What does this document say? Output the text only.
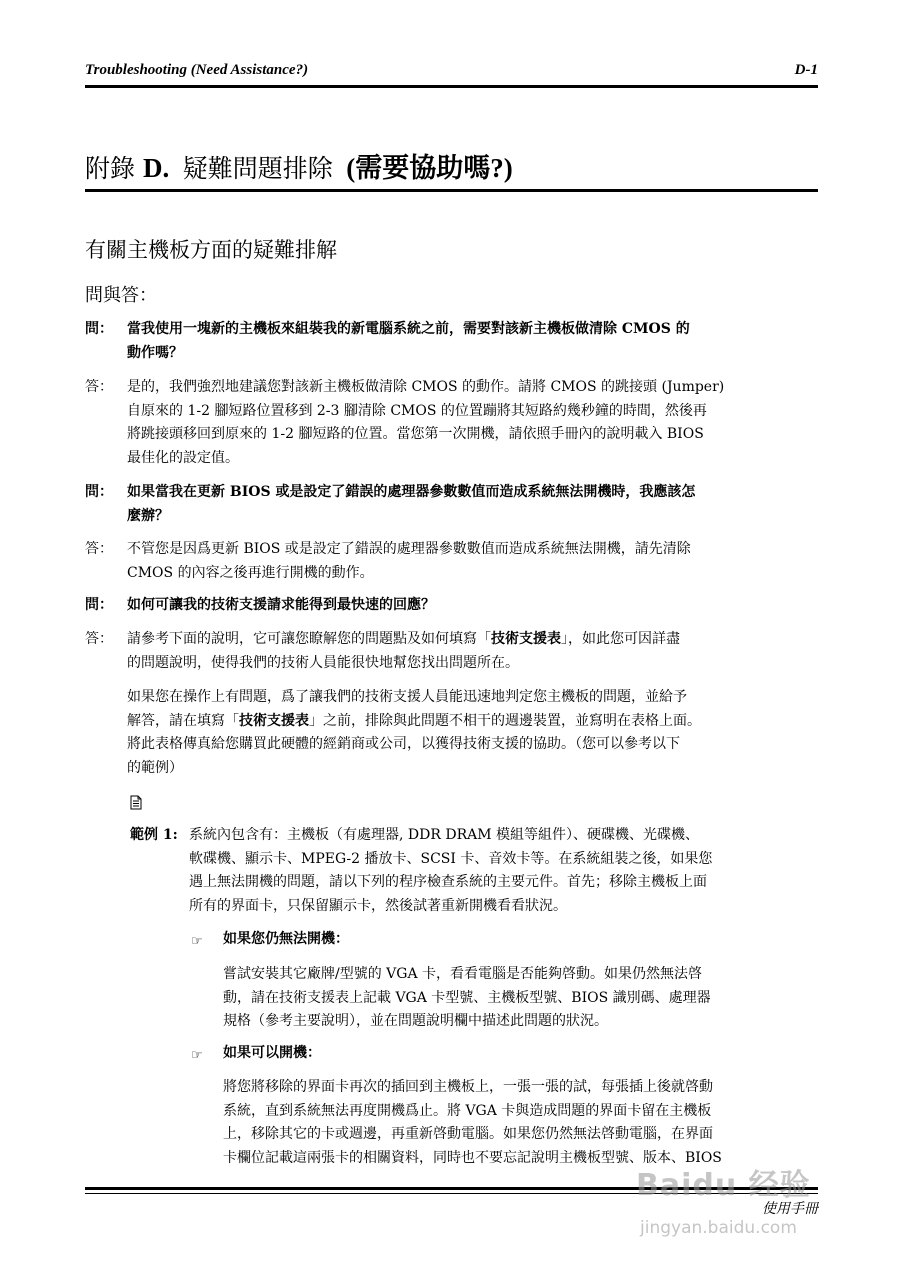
Troubleshooting (Need Assistance?)	D-1
附錄 D. 疑難問題排除 (需要協助嗎?)
有關主機板方面的疑難排解
問與答：
問：	當我使用一塊新的主機板來組裝我的新電腦系統之前，需要對該新主機板做清除 CMOS 的
動作嗎？
答：	是的，我們強烈地建議您對該新主機板做清除 CMOS 的動作。請將 CMOS 的跳接頭 (Jumper)
自原來的 1-2 腳短路位置移到 2-3 腳清除 CMOS 的位置蹦將其短路約幾秒鐘的時間，然後再
將跳接頭移回到原來的 1-2 腳短路的位置。當您第一次開機，請依照手冊內的說明載入 BIOS
最佳化的設定值。
問：	如果當我在更新 BIOS 或是設定了錯誤的處理器參數數值而造成系統無法開機時，我應該怎
麼辦？
答：	不管您是因爲更新 BIOS 或是設定了錯誤的處理器參數數值而造成系統無法開機，請先清除
CMOS 的內容之後再進行開機的動作。
問：	如何可讓我的技術支援請求能得到最快速的回應？
答：	請參考下面的說明，它可讓您瞭解您的問題點及如何填寫「技術支援表」，如此您可因詳盡
的問題說明，使得我們的技術人員能很快地幫您找出問題所在。
如果您在操作上有問題，爲了讓我們的技術支援人員能迅速地判定您主機板的問題，並給予
解答，請在填寫「技術支援表」之前，排除與此問題不相干的週邊裝置，並寫明在表格上面。
將此表格傳真給您購買此硬體的經銷商或公司，以獲得技術支援的協助。（您可以參考以下
的範例）
範例 1: 系統內包含有：主機板（有處理器, DDR DRAM 模組等組件）、硬碟機、光碟機、
軟碟機、顯示卡、MPEG-2 播放卡、SCSI 卡、音效卡等。在系統組裝之後，如果您
遇上無法開機的問題，請以下列的程序檢查系統的主要元件。首先；移除主機板上面
所有的界面卡，只保留顯示卡，然後試著重新開機看看狀況。
☞ 如果您仍無法開機：
嘗試安裝其它廠牌/型號的 VGA 卡，看看電腦是否能夠啓動。如果仍然無法啓
動，請在技術支援表上記載 VGA 卡型號、主機板型號、BIOS 識別碼、處理器
規格（參考主要說明），並在問題說明欄中描述此問題的狀況。
☞ 如果可以開機：
將您將移除的界面卡再次的插回到主機板上，一張一張的試，每張插上後就啓動
系統，直到系統無法再度開機爲止。將 VGA 卡與造成問題的界面卡留在主機板
上，移除其它的卡或週邊，再重新啓動電腦。如果您仍然無法啓動電腦，在界面
卡欄位記載這兩張卡的相關資料，同時也不要忘記說明主機板型號、版本、BIOS
使用手冊
Baidu 经验
jingyan.baidu.com
